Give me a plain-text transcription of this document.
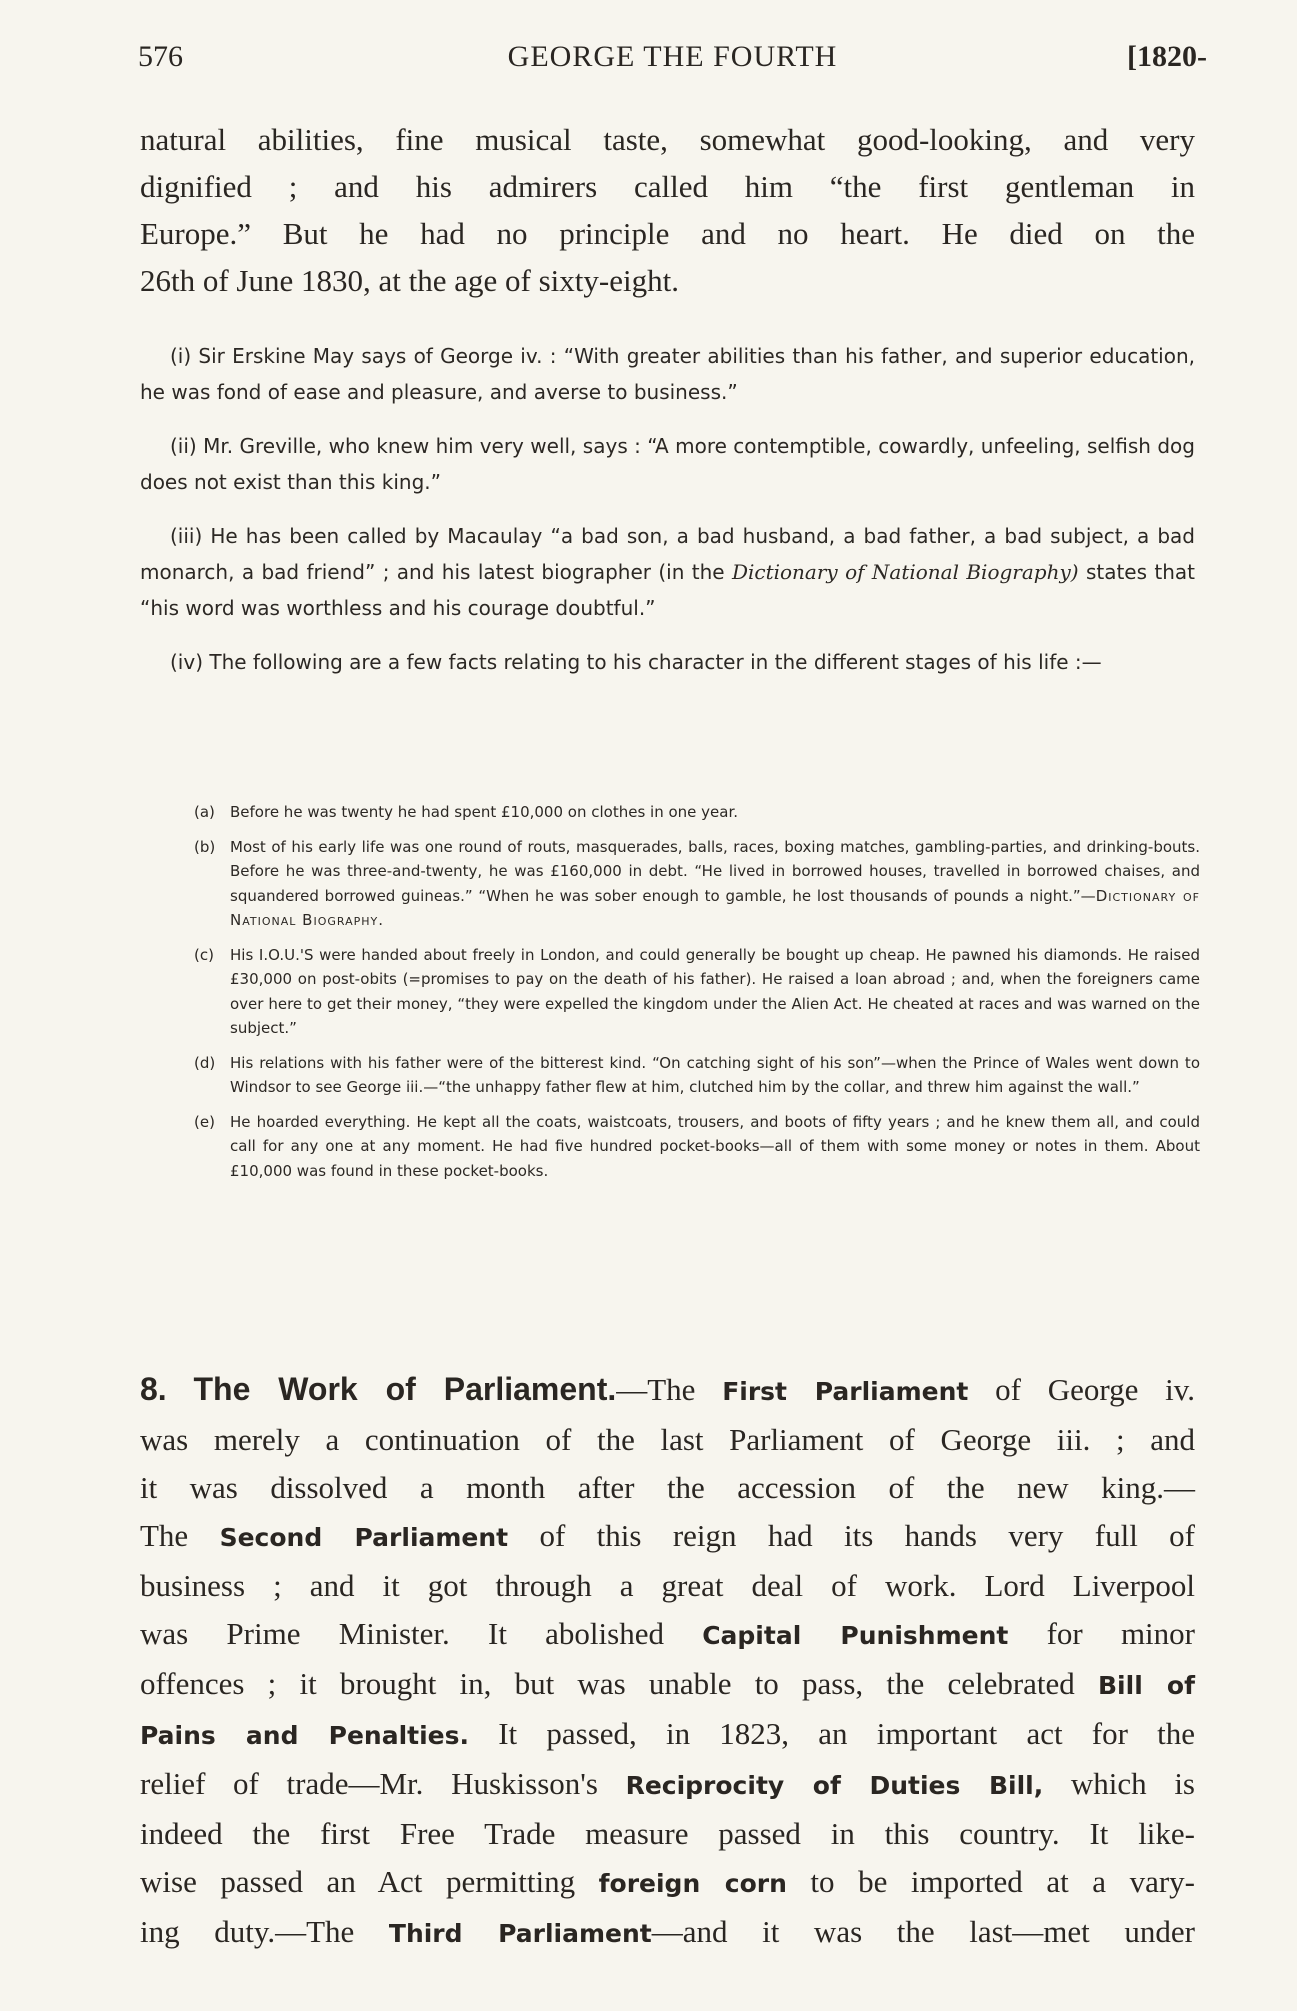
576	GEORGE THE FOURTH	[1820-
natural abilities, fine musical taste, somewhat good-looking, and very
dignified ; and his admirers called him “the first gentleman in
Europe.” But he had no principle and no heart. He died on the
26th of June 1830, at the age of sixty-eight.

(i) Sir Erskine May says of George iv. : “With greater abilities than his father, and superior education, he was fond of ease and pleasure, and averse to business.”

(ii) Mr. Greville, who knew him very well, says : “A more contemptible, cowardly, unfeeling, selfish dog does not exist than this king.”

(iii) He has been called by Macaulay “a bad son, a bad husband, a bad father, a bad subject, a bad monarch, a bad friend” ; and his latest biographer (in the Dictionary of National Biography) states that “his word was worthless and his courage doubtful.”

(iv) The following are a few facts relating to his character in the different stages of his life :—

(a) Before he was twenty he had spent £10,000 on clothes in one year.
(b) Most of his early life was one round of routs, masquerades, balls, races, boxing matches, gambling-parties, and drinking-bouts. Before he was three-and-twenty, he was £160,000 in debt. “He lived in borrowed houses, travelled in borrowed chaises, and squandered borrowed guineas.” “When he was sober enough to gamble, he lost thousands of pounds a night.”—Dictionary of National Biography.
(c) His I.O.U.'S were handed about freely in London, and could generally be bought up cheap. He pawned his diamonds. He raised £30,000 on post-obits (=promises to pay on the death of his father). He raised a loan abroad ; and, when the foreigners came over here to get their money, “they were expelled the kingdom under the Alien Act. He cheated at races and was warned on the subject.”
(d) His relations with his father were of the bitterest kind. “On catching sight of his son”—when the Prince of Wales went down to Windsor to see George iii.—“the unhappy father flew at him, clutched him by the collar, and threw him against the wall.”
(e) He hoarded everything. He kept all the coats, waistcoats, trousers, and boots of fifty years ; and he knew them all, and could call for any one at any moment. He had five hundred pocket-books—all of them with some money or notes in them. About £10,000 was found in these pocket-books.
8. The Work of Parliament.—The First Parliament of George iv.
was merely a continuation of the last Parliament of George iii. ; and
it was dissolved a month after the accession of the new king.—
The Second Parliament of this reign had its hands very full of
business ; and it got through a great deal of work. Lord Liverpool
was Prime Minister. It abolished Capital Punishment for minor
offences ; it brought in, but was unable to pass, the celebrated Bill of
Pains and Penalties. It passed, in 1823, an important act for the
relief of trade—Mr. Huskisson's Reciprocity of Duties Bill, which is
indeed the first Free Trade measure passed in this country. It like-
wise passed an Act permitting foreign corn to be imported at a vary-
ing duty.—The Third Parliament—and it was the last—met under
